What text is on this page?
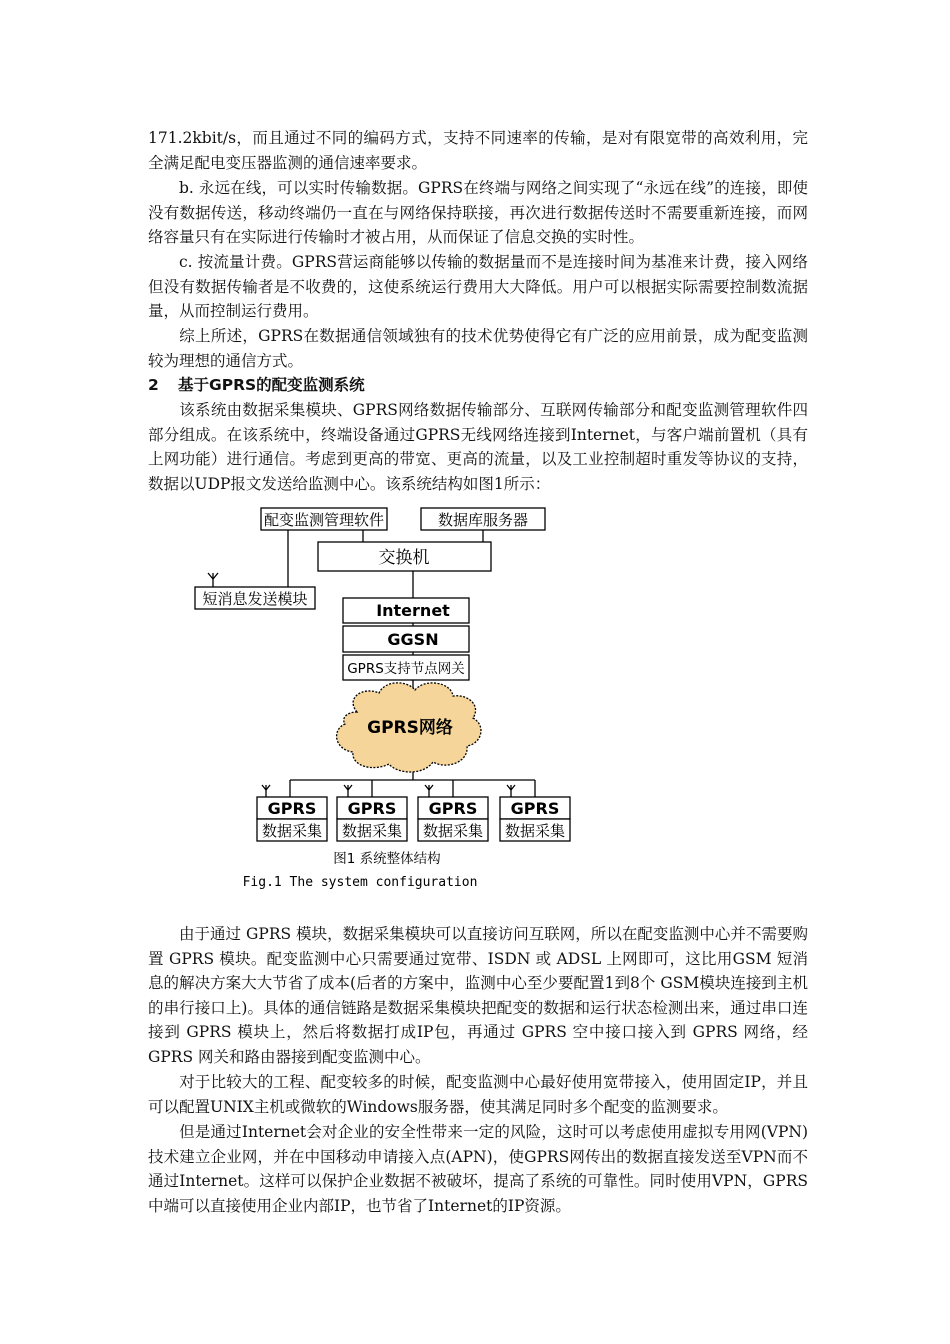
171.2kbit/s，而且通过不同的编码方式，支持不同速率的传输，是对有限宽带的高效利用，完全满足配电变压器监测的通信速率要求。

b. 永远在线，可以实时传输数据。GPRS在终端与网络之间实现了“永远在线”的连接，即使没有数据传送，移动终端仍一直在与网络保持联接，再次进行数据传送时不需要重新连接，而网络容量只有在实际进行传输时才被占用，从而保证了信息交换的实时性。

c. 按流量计费。GPRS营运商能够以传输的数据量而不是连接时间为基准来计费，接入网络但没有数据传输者是不收费的，这使系统运行费用大大降低。用户可以根据实际需要控制数流据量，从而控制运行费用。

综上所述，GPRS在数据通信领域独有的技术优势使得它有广泛的应用前景，成为配变监测较为理想的通信方式。

2 基于GPRS的配变监测系统

该系统由数据采集模块、GPRS网络数据传输部分、互联网传输部分和配变监测管理软件四部分组成。在该系统中，终端设备通过GPRS无线网络连接到Internet，与客户端前置机（具有上网功能）进行通信。考虑到更高的带宽、更高的流量，以及工业控制超时重发等协议的支持，数据以UDP报文发送给监测中心。该系统结构如图1所示：

配变监测管理软件	数据库服务器
交换机
短消息发送模块
Internet
GGSN
GPRS支持节点网关
GPRS网络
GPRS
数据采集
GPRS
数据采集
GPRS
数据采集
GPRS
数据采集
图1 系统整体结构
Fig.1 The system configuration

由于通过 GPRS 模块，数据采集模块可以直接访问互联网，所以在配变监测中心并不需要购置 GPRS 模块。配变监测中心只需要通过宽带、ISDN 或 ADSL 上网即可，这比用GSM 短消息的解决方案大大节省了成本(后者的方案中，监测中心至少要配置1到8个 GSM模块连接到主机的串行接口上)。具体的通信链路是数据采集模块把配变的数据和运行状态检测出来，通过串口连接到 GPRS 模块上，然后将数据打成IP包，再通过 GPRS 空中接口接入到 GPRS 网络，经 GPRS 网关和路由器接到配变监测中心。

对于比较大的工程、配变较多的时候，配变监测中心最好使用宽带接入，使用固定IP，并且可以配置UNIX主机或微软的Windows服务器，使其满足同时多个配变的监测要求。

但是通过Internet会对企业的安全性带来一定的风险，这时可以考虑使用虚拟专用网(VPN)技术建立企业网，并在中国移动申请接入点(APN)，使GPRS网传出的数据直接发送至VPN而不通过Internet。这样可以保护企业数据不被破坏，提高了系统的可靠性。同时使用VPN，GPRS中端可以直接使用企业内部IP，也节省了Internet的IP资源。
